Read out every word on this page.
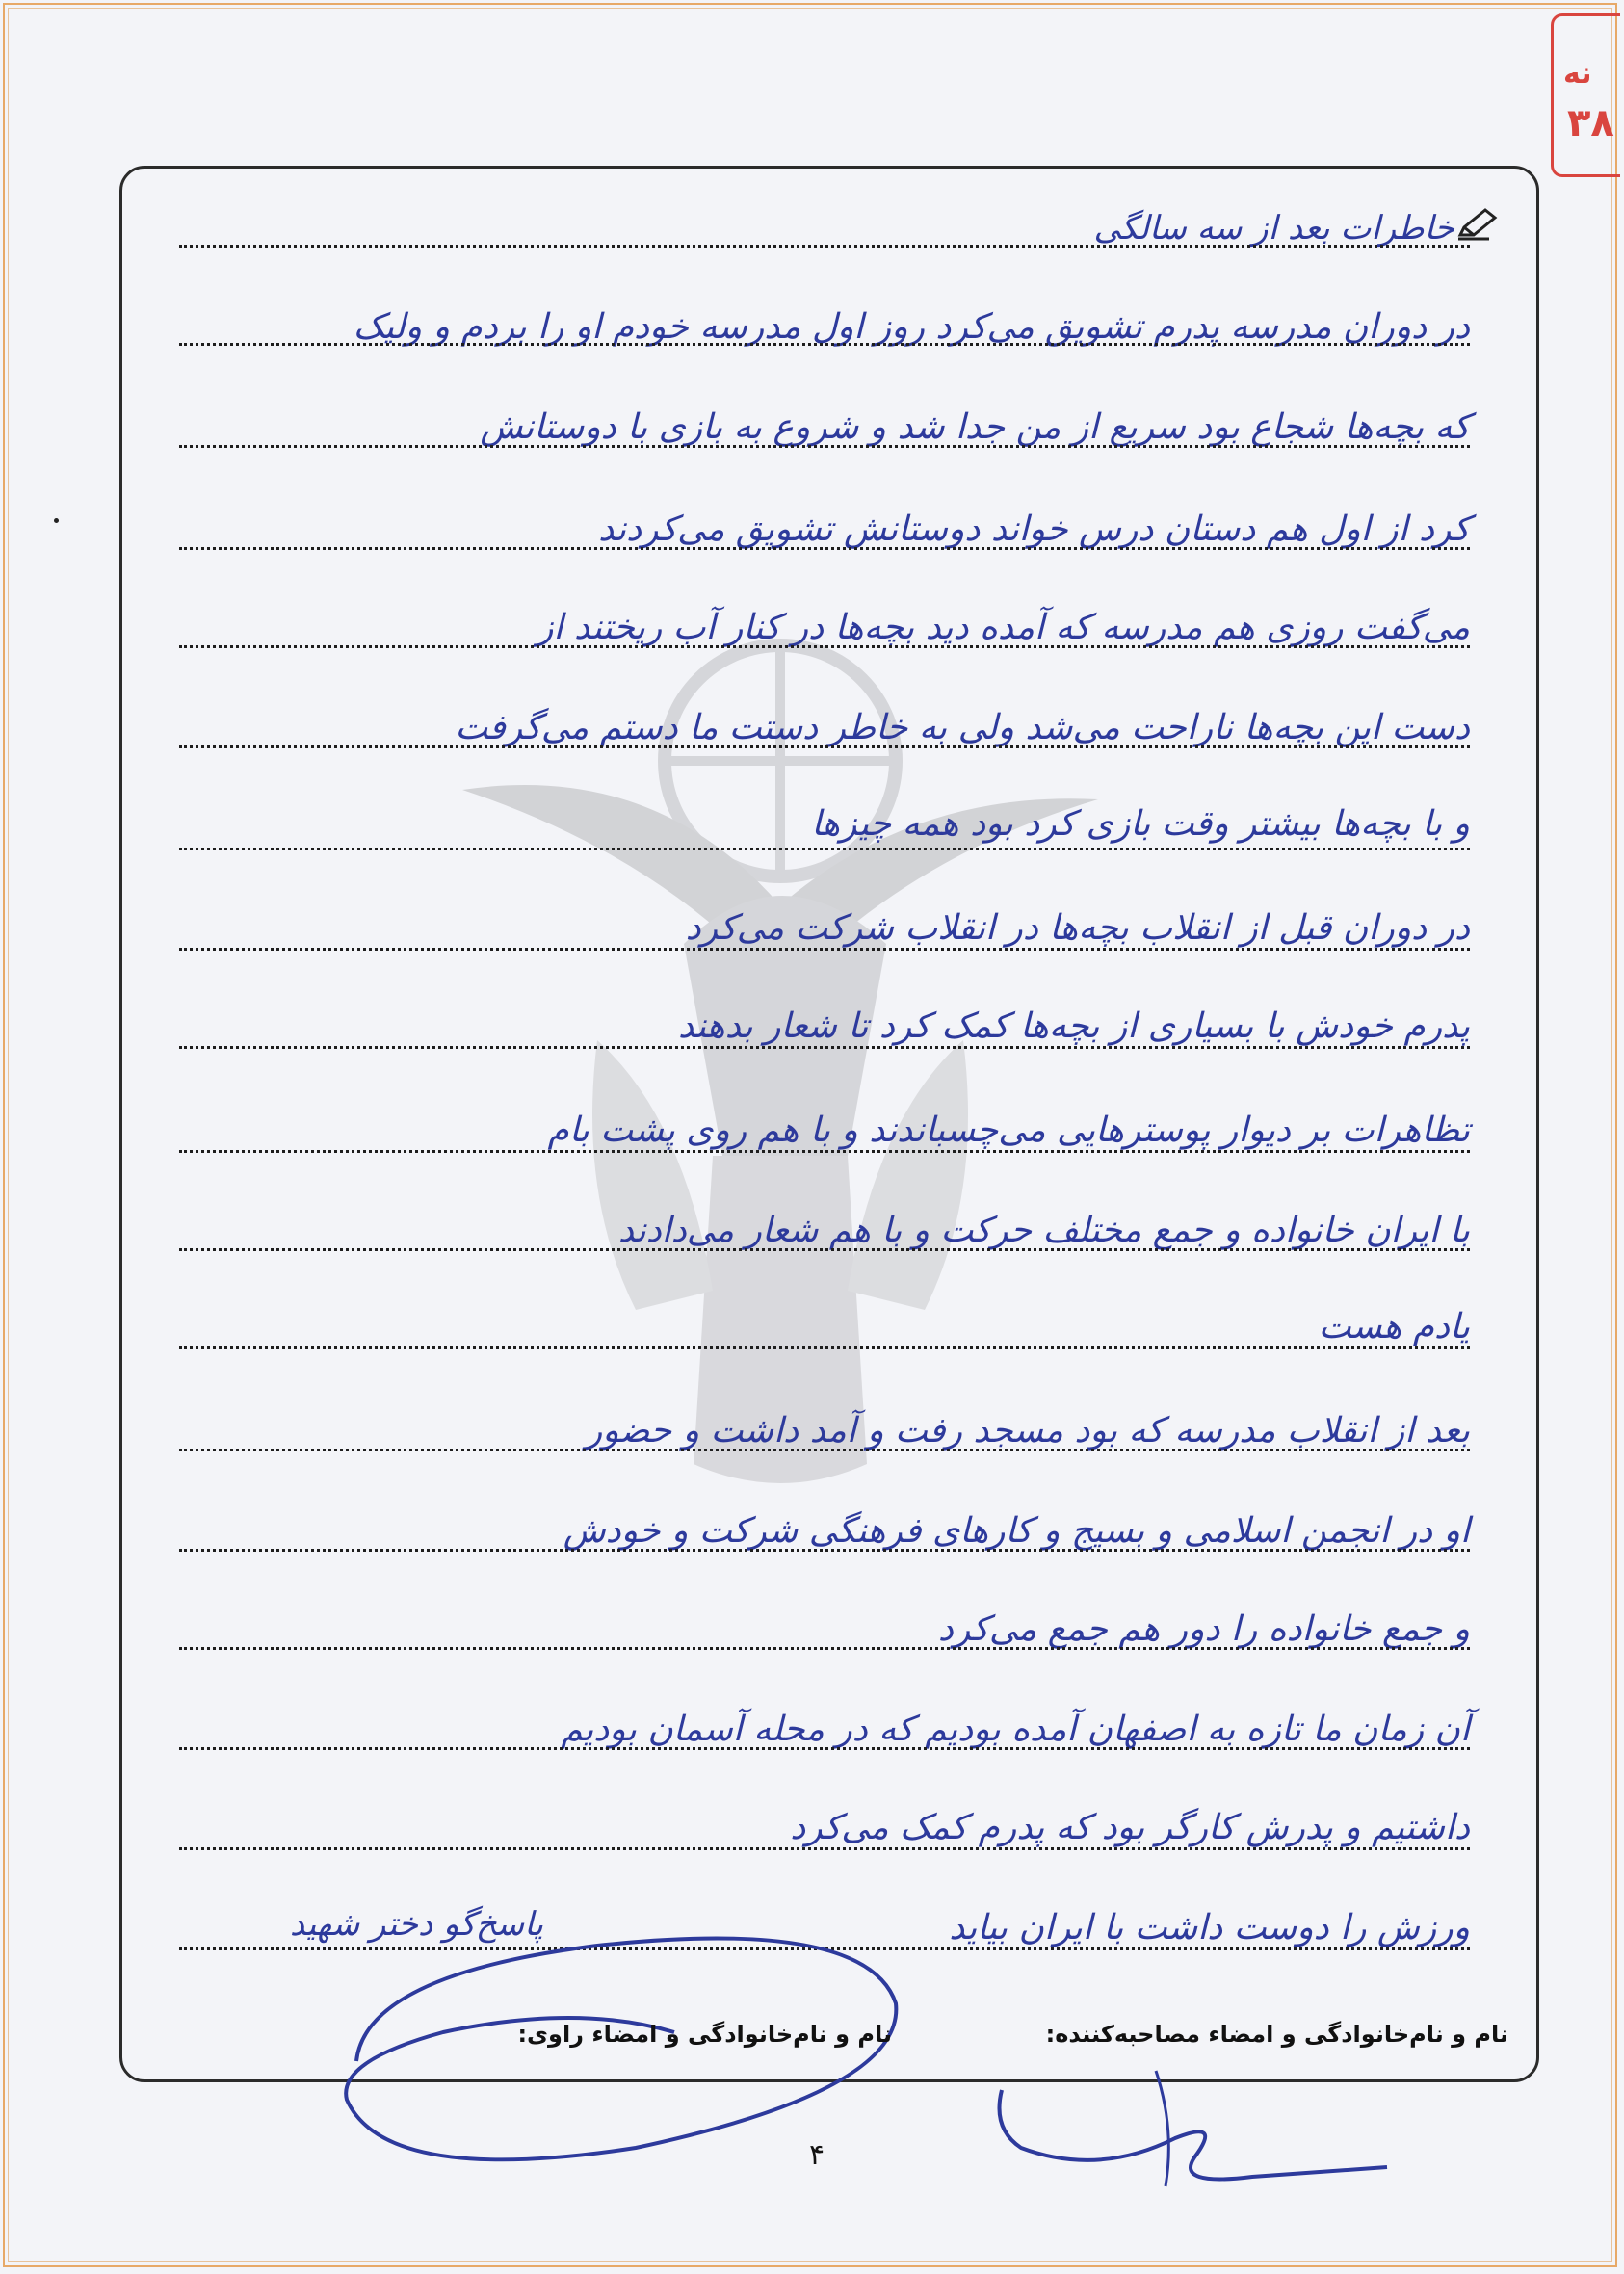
نه
۳۸
خاطرات بعد از سه سالگی
در دوران مدرسه پدرم تشویق می‌کرد روز اول مدرسه خودم او را بردم و ولیک
که بچه‌ها شجاع بود سریع از من جدا شد و شروع به بازی با دوستانش
کرد از اول هم دستان درس خواند دوستانش تشویق می‌کردند
می‌گفت روزی هم مدرسه که آمده دید بچه‌ها در کنار آب ریختند از
دست این بچه‌ها ناراحت می‌شد ولی به خاطر دستت ما دستم می‌گرفت
و با بچه‌ها بیشتر وقت بازی کرد بود همه چیزها
در دوران قبل از انقلاب بچه‌ها در انقلاب شرکت می‌کرد
پدرم خودش با بسیاری از بچه‌ها کمک کرد تا شعار بدهند
تظاهرات بر دیوار پوسترهایی می‌چسباندند و با هم روی پشت بام
با ایران خانواده و جمع مختلف حرکت و با هم شعار می‌دادند
یادم هست
بعد از انقلاب مدرسه که بود مسجد رفت و آمد داشت و حضور
او در انجمن اسلامی و بسیج و کارهای فرهنگی شرکت و خودش
و جمع خانواده را دور هم جمع می‌کرد
آن زمان ما تازه به اصفهان آمده بودیم که در محله آسمان بودیم
داشتیم و پدرش کارگر بود که پدرم کمک می‌کرد
ورزش را دوست داشت با ایران بیاید
پاسخ‌گو دختر شهید
نام و نام‌خانوادگی و امضاء مصاحبه‌کننده:
نام و نام‌خانوادگی و امضاء راوی:
۴
